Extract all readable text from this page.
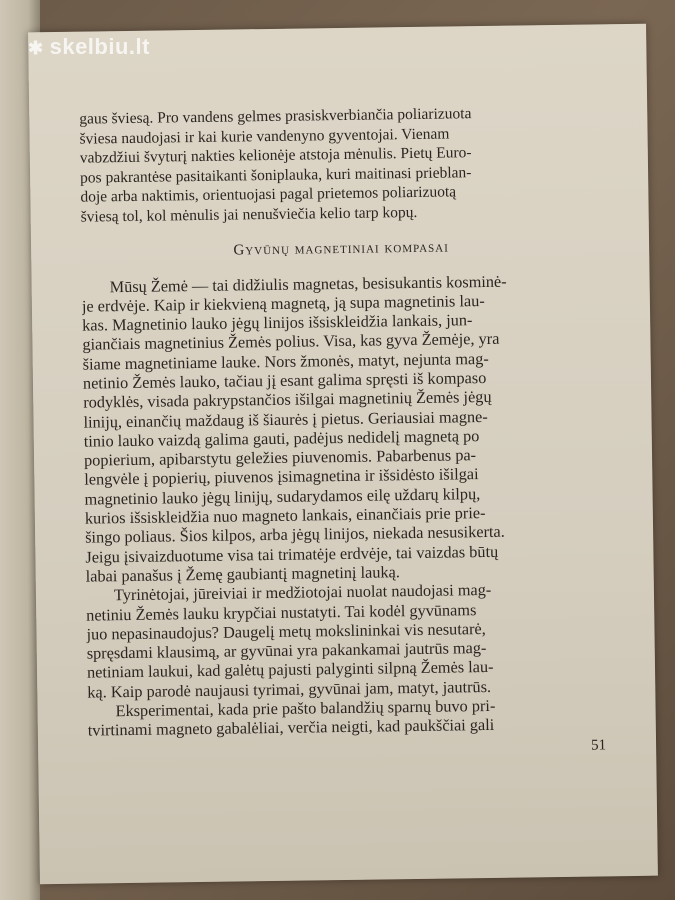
gaus šviesą. Pro vandens gelmes prasiskverbiančia poliarizuota
šviesa naudojasi ir kai kurie vandenyno gyventojai. Vienam
vabzdžiui švyturį nakties kelionėje atstoja mėnulis. Pietų Euro-
pos pakrantėse pasitaikanti šoniplauka, kuri maitinasi prieblan-
doje arba naktimis, orientuojasi pagal prietemos poliarizuotą
šviesą tol, kol mėnulis jai nenušviečia kelio tarp kopų.
Gyvūnų magnetiniai kompasai
Mūsų Žemė — tai didžiulis magnetas, besisukantis kosminė-
je erdvėje. Kaip ir kiekvieną magnetą, ją supa magnetinis lau-
kas. Magnetinio lauko jėgų linijos išsiskleidžia lankais, jun-
giančiais magnetinius Žemės polius. Visa, kas gyva Žemėje, yra
šiame magnetiniame lauke. Nors žmonės, matyt, nejunta mag-
netinio Žemės lauko, tačiau jį esant galima spręsti iš kompaso
rodyklės, visada pakrypstančios išilgai magnetinių Žemės jėgų
linijų, einančių maždaug iš šiaurės į pietus. Geriausiai magne-
tinio lauko vaizdą galima gauti, padėjus nedidelį magnetą po
popierium, apibarstytu geležies piuvenomis. Pabarbenus pa-
lengvėle į popierių, piuvenos įsimagnetina ir išsidėsto išilgai
magnetinio lauko jėgų linijų, sudarydamos eilę uždarų kilpų,
kurios išsiskleidžia nuo magneto lankais, einančiais prie prie-
šingo poliaus. Šios kilpos, arba jėgų linijos, niekada nesusikerta.
Jeigu įsivaizduotume visa tai trimatėje erdvėje, tai vaizdas būtų
labai panašus į Žemę gaubiantį magnetinį lauką.
Tyrinėtojai, jūreiviai ir medžiotojai nuolat naudojasi mag-
netiniu Žemės lauku krypčiai nustatyti. Tai kodėl gyvūnams
juo nepasinaudojus? Daugelį metų mokslininkai vis nesutarė,
spręsdami klausimą, ar gyvūnai yra pakankamai jautrūs mag-
netiniam laukui, kad galėtų pajusti palyginti silpną Žemės lau-
ką. Kaip parodė naujausi tyrimai, gyvūnai jam, matyt, jautrūs.
Eksperimentai, kada prie pašto balandžių sparnų buvo pri-
tvirtinami magneto gabalėliai, verčia neigti, kad paukščiai gali
51
✱ skelbiu.lt
